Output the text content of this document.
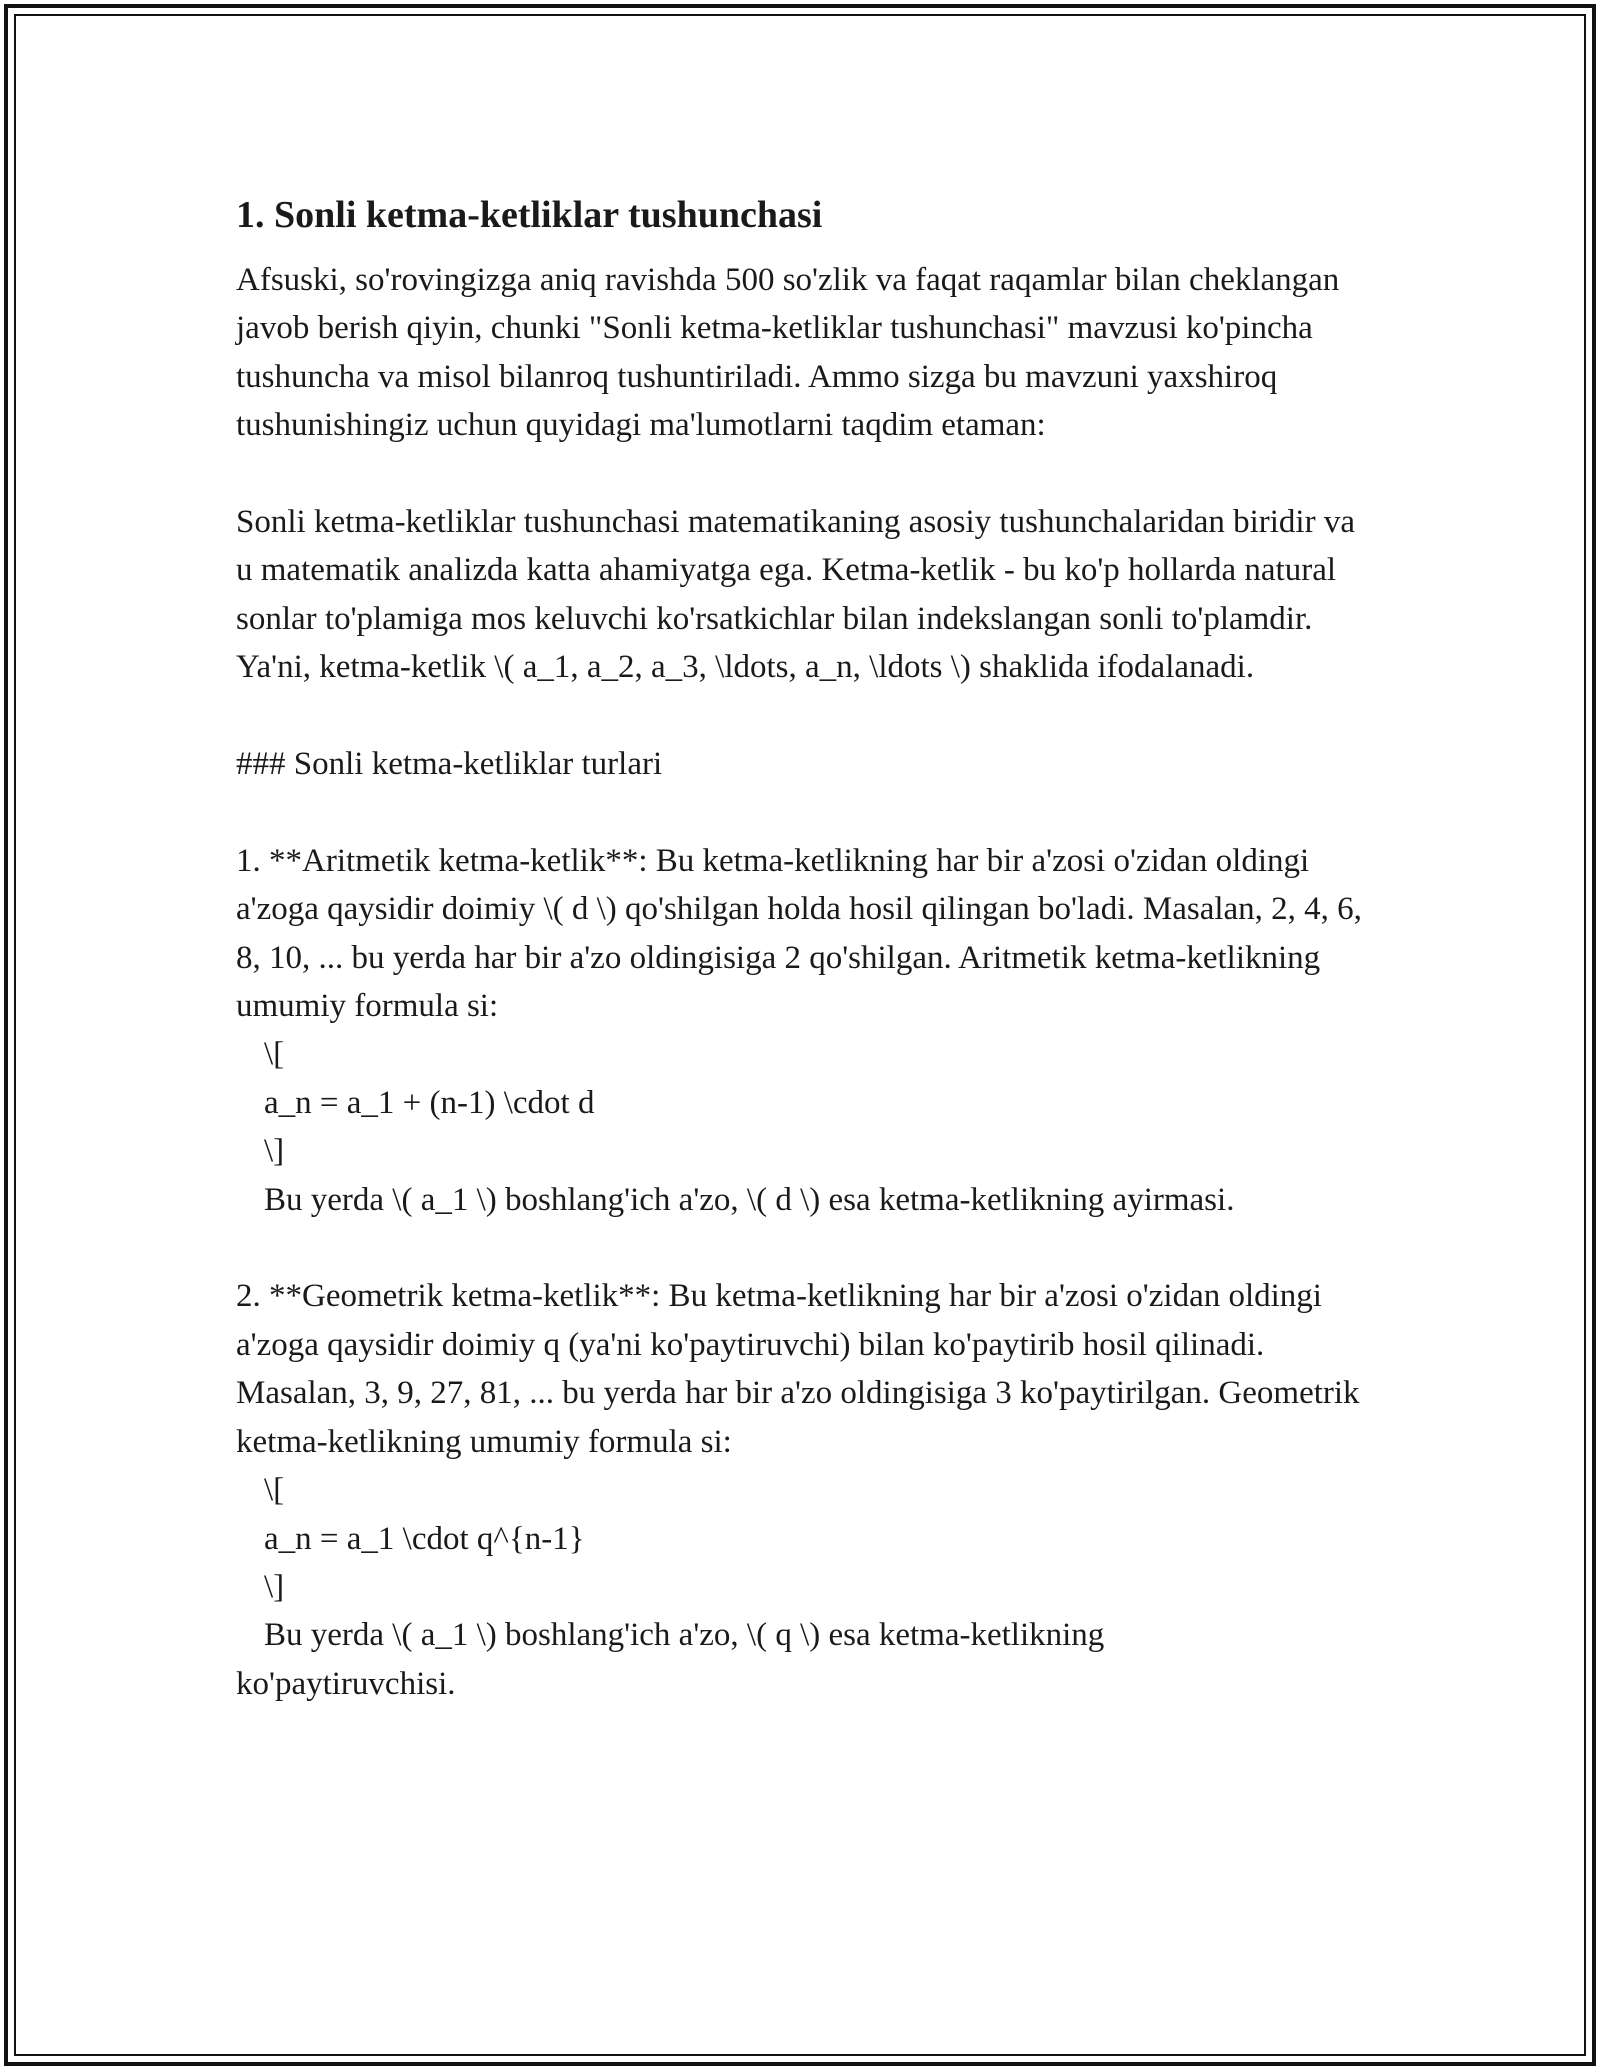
1. Sonli ketma-ketliklar tushunchasi

Afsuski, so'rovingizga aniq ravishda 500 so'zlik va faqat raqamlar bilan cheklangan javob berish qiyin, chunki "Sonli ketma-ketliklar tushunchasi" mavzusi ko'pincha tushuncha va misol bilanroq tushuntiriladi. Ammo sizga bu mavzuni yaxshiroq tushunishingiz uchun quyidagi ma'lumotlarni taqdim etaman:

Sonli ketma-ketliklar tushunchasi matematikaning asosiy tushunchalaridan biridir va u matematik analizda katta ahamiyatga ega. Ketma-ketlik - bu ko'p hollarda natural sonlar to'plamiga mos keluvchi ko'rsatkichlar bilan indekslangan sonli to'plamdir. Ya'ni, ketma-ketlik \( a_1, a_2, a_3, \ldots, a_n, \ldots \) shaklida ifodalanadi.

### Sonli ketma-ketliklar turlari

1. **Aritmetik ketma-ketlik**: Bu ketma-ketlikning har bir a'zosi o'zidan oldingi a'zoga qaysidir doimiy \( d \) qo'shilgan holda hosil qilingan bo'ladi. Masalan, 2, 4, 6, 8, 10, ... bu yerda har bir a'zo oldingisiga 2 qo'shilgan. Aritmetik ketma-ketlikning umumiy formula si:

\[

a_n = a_1 + (n-1) \cdot d

\]

Bu yerda \( a_1 \) boshlang'ich a'zo, \( d \) esa ketma-ketlikning ayirmasi.

2. **Geometrik ketma-ketlik**: Bu ketma-ketlikning har bir a'zosi o'zidan oldingi a'zoga qaysidir doimiy q (ya'ni ko'paytiruvchi) bilan ko'paytirib hosil qilinadi. Masalan, 3, 9, 27, 81, ... bu yerda har bir a'zo oldingisiga 3 ko'paytirilgan. Geometrik ketma-ketlikning umumiy formula si:

\[

a_n = a_1 \cdot q^{n-1}

\]

Bu yerda \( a_1 \) boshlang'ich a'zo, \( q \) esa ketma-ketlikning

ko'paytiruvchisi.
